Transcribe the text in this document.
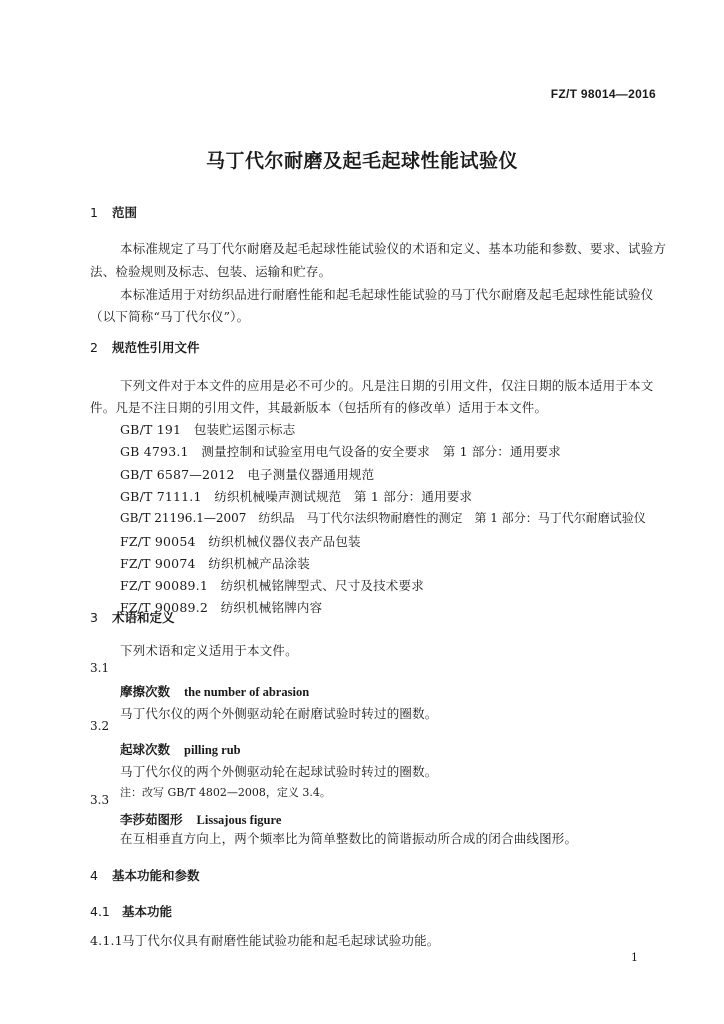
FZ/T 98014—2016
马丁代尔耐磨及起毛起球性能试验仪
1 范围
本标准规定了马丁代尔耐磨及起毛起球性能试验仪的术语和定义、基本功能和参数、要求、试验方
法、检验规则及标志、包装、运输和贮存。
本标准适用于对纺织品进行耐磨性能和起毛起球性能试验的马丁代尔耐磨及起毛起球性能试验仪
（以下简称“马丁代尔仪”）。
2 规范性引用文件
下列文件对于本文件的应用是必不可少的。凡是注日期的引用文件，仅注日期的版本适用于本文
件。凡是不注日期的引用文件，其最新版本（包括所有的修改单）适用于本文件。
GB/T 191　 包装贮运图示标志
GB 4793.1　 测量控制和试验室用电气设备的安全要求　第 1 部分：通用要求
GB/T 6587—2012　 电子测量仪器通用规范
GB/T 7111.1　 纺织机械噪声测试规范　第 1 部分：通用要求
GB/T 21196.1—2007　 纺织品　马丁代尔法织物耐磨性的测定　第 1 部分：马丁代尔耐磨试验仪
FZ/T 90054　 纺织机械仪器仪表产品包装
FZ/T 90074　 纺织机械产品涂装
FZ/T 90089.1　 纺织机械铭牌型式、尺寸及技术要求
FZ/T 90089.2　 纺织机械铭牌内容
3 术语和定义
下列术语和定义适用于本文件。
3.1
摩擦次数 the number of abrasion
马丁代尔仪的两个外侧驱动轮在耐磨试验时转过的圈数。
3.2
起球次数 pilling rub
马丁代尔仪的两个外侧驱动轮在起球试验时转过的圈数。
注：改写 GB/T 4802—2008，定义 3.4。
3.3
李莎茹图形 Lissajous figure
在互相垂直方向上，两个频率比为简单整数比的简谐振动所合成的闭合曲线图形。
4 基本功能和参数
4.1 基本功能
4.1.1马丁代尔仪具有耐磨性能试验功能和起毛起球试验功能。
1
